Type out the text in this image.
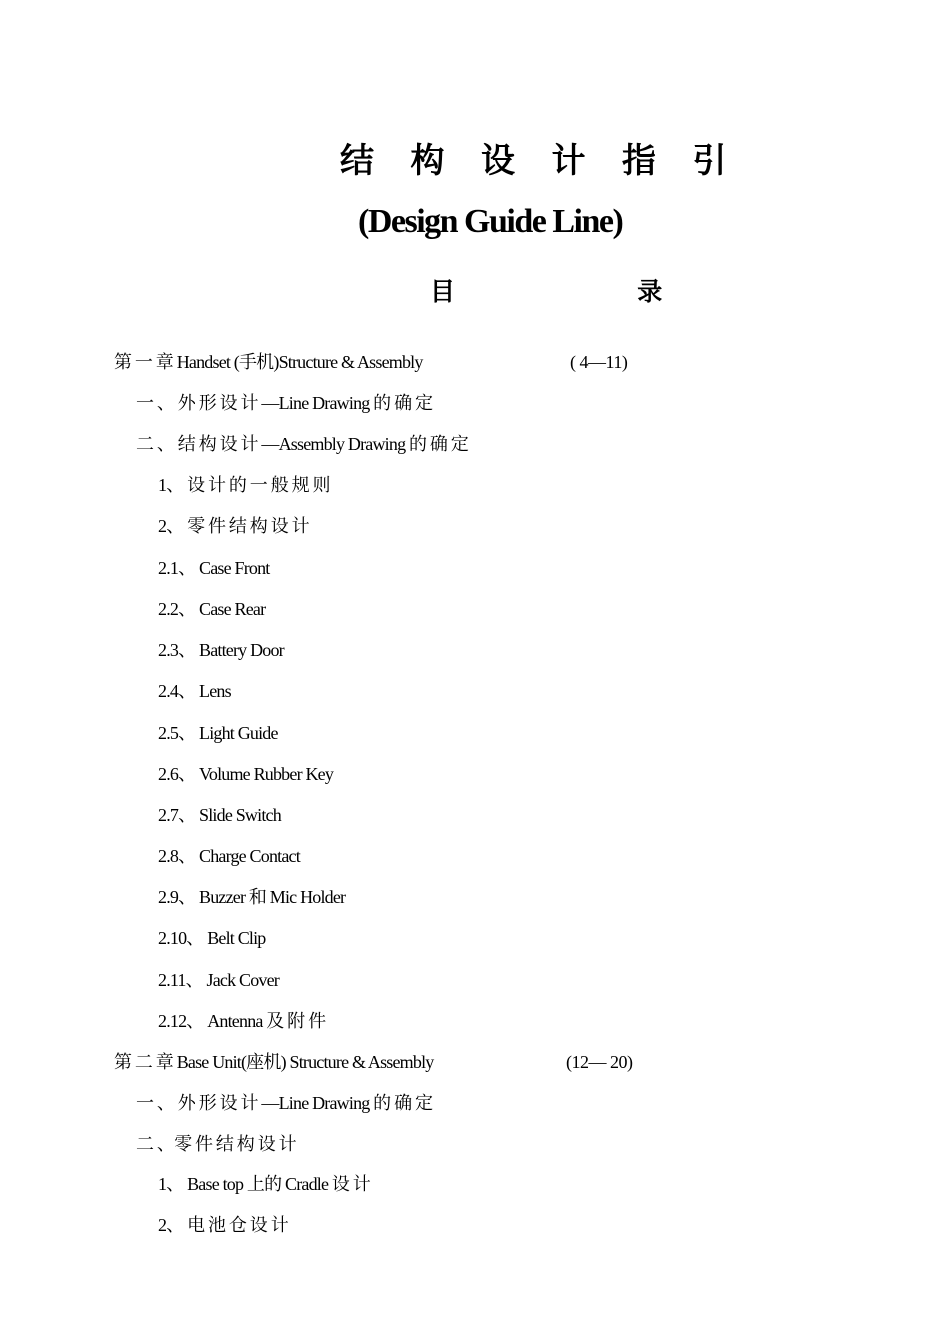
结 构 设 计 指 引
(Design Guide Line)
目 录
第 一 章 Handset (手机)Structure & Assembly	( 4—11)
一 、 外 形 设 计 —Line Drawing 的 确 定
二 、 结 构 设 计 —Assembly Drawing 的 确 定
1、 设 计 的 一 般 规 则
2、 零 件 结 构 设 计
2.1、 Case Front
2.2、 Case Rear
2.3、 Battery Door
2.4、 Lens
2.5、 Light Guide
2.6、 Volume Rubber Key
2.7、 Slide Switch
2.8、 Charge Contact
2.9、 Buzzer 和 Mic Holder
2.10、 Belt Clip
2.11、 Jack Cover
2.12、 Antenna 及 附 件
第 二 章 Base Unit(座机) Structure & Assembly	(12— 20)
一 、 外 形 设 计 —Line Drawing 的 确 定
二 、零 件 结 构 设 计
1、 Base top 上的 Cradle 设 计
2、 电 池 仓 设 计
